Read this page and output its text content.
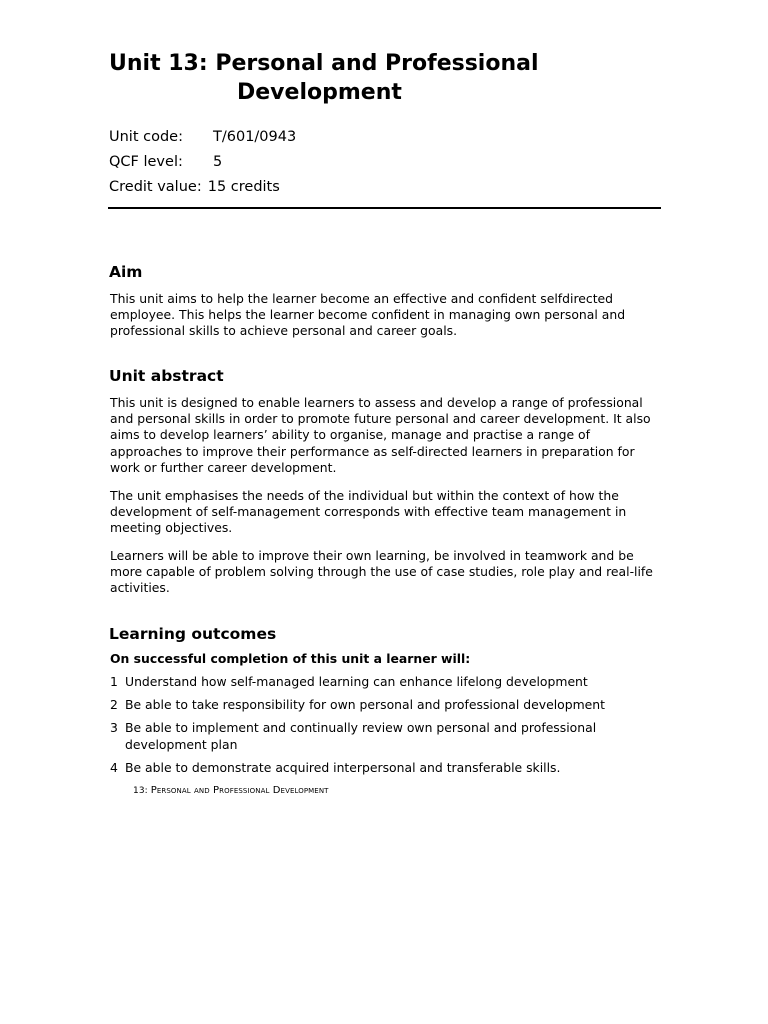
Unit 13: Personal and Professional
Development
Unit code:	T/601/0943
QCF level:	5
Credit value: 15 credits
Aim

This unit aims to help the learner become an effective and confident selfdirected employee. This helps the learner become confident in managing own personal and professional skills to achieve personal and career goals.

Unit abstract

This unit is designed to enable learners to assess and develop a range of professional and personal skills in order to promote future personal and career development. It also aims to develop learners’ ability to organise, manage and practise a range of approaches to improve their performance as self-directed learners in preparation for work or further career development.

The unit emphasises the needs of the individual but within the context of how the development of self-management corresponds with effective team management in meeting objectives.

Learners will be able to improve their own learning, be involved in teamwork and be more capable of problem solving through the use of case studies, role play and real-life activities.

Learning outcomes

On successful completion of this unit a learner will:

1 Understand how self-managed learning can enhance lifelong development
2 Be able to take responsibility for own personal and professional development
3 Be able to implement and continually review own personal and professional development plan
4 Be able to demonstrate acquired interpersonal and transferable skills.
13: Personal and Professional Development
